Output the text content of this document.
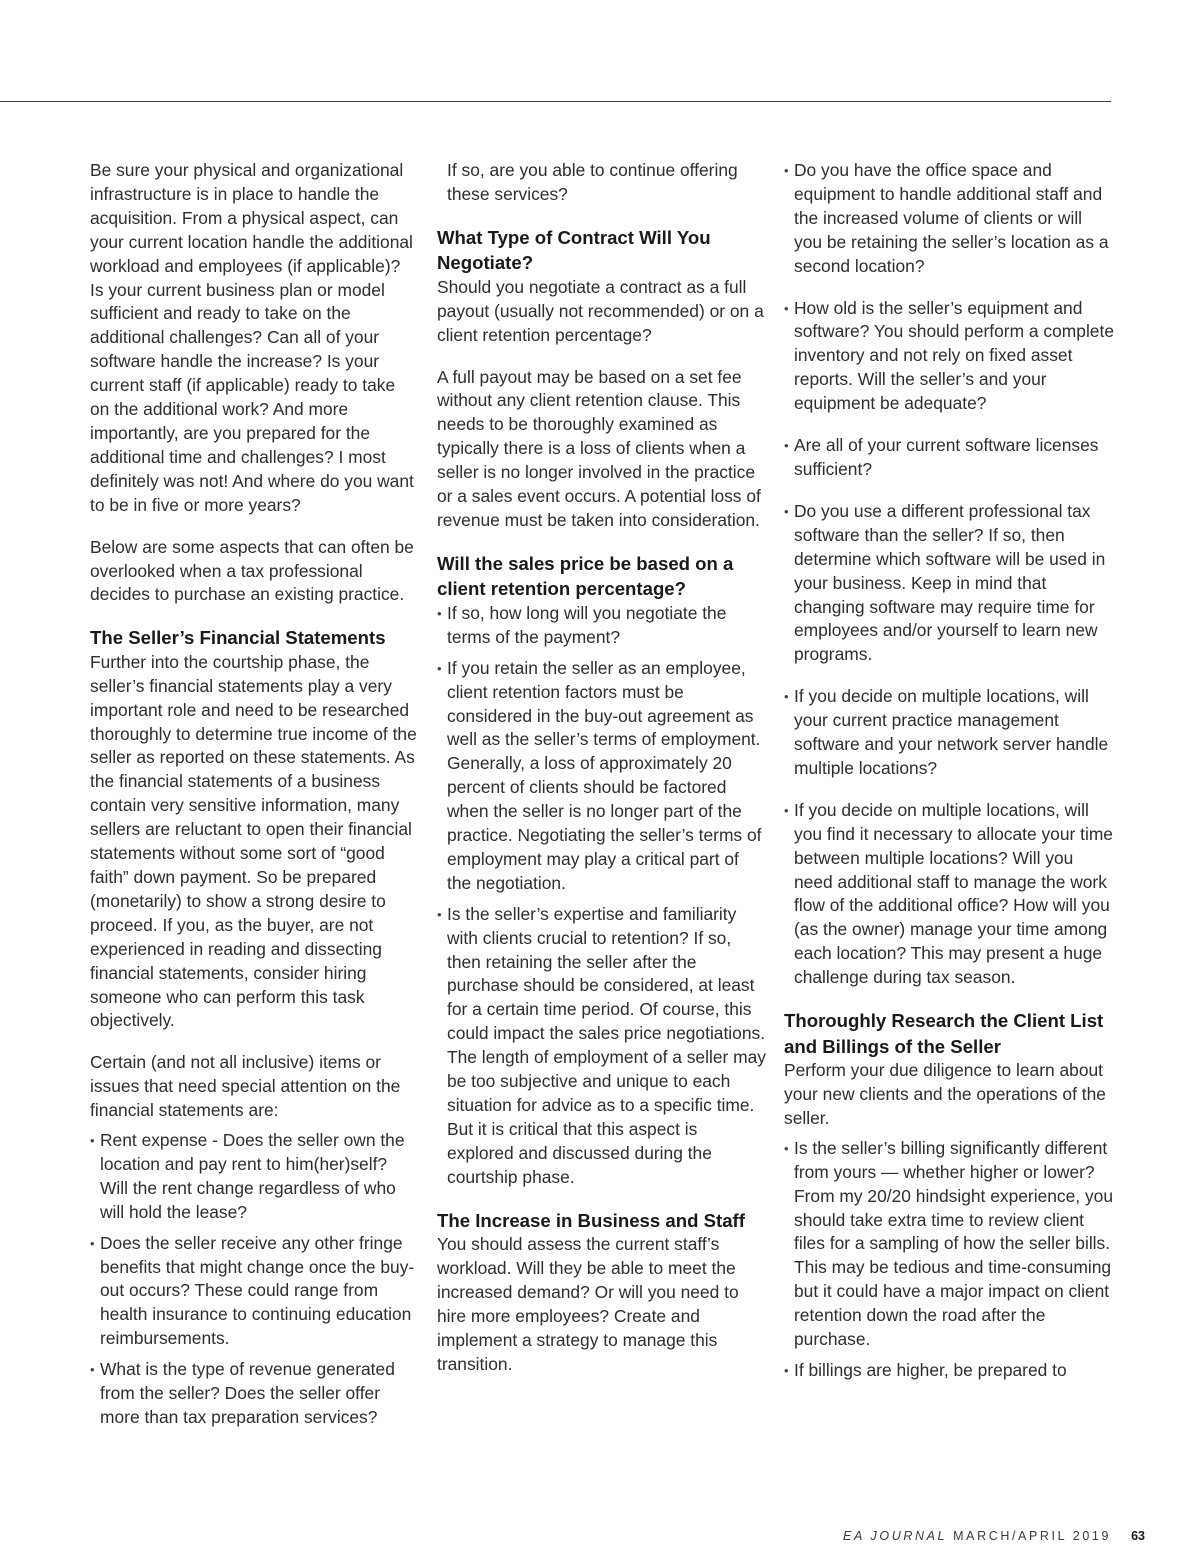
Be sure your physical and organizational infrastructure is in place to handle the acquisition. From a physical aspect, can your current location handle the additional workload and employees (if applicable)? Is your current business plan or model sufficient and ready to take on the additional challenges? Can all of your software handle the increase? Is your current staff (if applicable) ready to take on the additional work? And more importantly, are you prepared for the additional time and challenges? I most definitely was not! And where do you want to be in five or more years?

Below are some aspects that can often be overlooked when a tax professional decides to purchase an existing practice.

The Seller’s Financial Statements

Further into the courtship phase, the seller’s financial statements play a very important role and need to be researched thoroughly to determine true income of the seller as reported on these statements. As the financial statements of a business contain very sensitive information, many sellers are reluctant to open their financial statements without some sort of “good faith” down payment. So be prepared (monetarily) to show a strong desire to proceed. If you, as the buyer, are not experienced in reading and dissecting financial statements, consider hiring someone who can perform this task objectively.

Certain (and not all inclusive) items or issues that need special attention on the financial statements are:

• Rent expense - Does the seller own the location and pay rent to him(her)self? Will the rent change regardless of who will hold the lease?
• Does the seller receive any other fringe benefits that might change once the buy-out occurs? These could range from health insurance to continuing education reimbursements.
• What is the type of revenue generated from the seller? Does the seller offer more than tax preparation services?

If so, are you able to continue offering these services?

What Type of Contract Will You Negotiate?

Should you negotiate a contract as a full payout (usually not recommended) or on a client retention percentage?

A full payout may be based on a set fee without any client retention clause. This needs to be thoroughly examined as typically there is a loss of clients when a seller is no longer involved in the practice or a sales event occurs. A potential loss of revenue must be taken into consideration.

Will the sales price be based on a client retention percentage?
• If so, how long will you negotiate the terms of the payment?
• If you retain the seller as an employee, client retention factors must be considered in the buy-out agreement as well as the seller’s terms of employment. Generally, a loss of approximately 20 percent of clients should be factored when the seller is no longer part of the practice. Negotiating the seller’s terms of employment may play a critical part of the negotiation.
• Is the seller’s expertise and familiarity with clients crucial to retention? If so, then retaining the seller after the purchase should be considered, at least for a certain time period. Of course, this could impact the sales price negotiations. The length of employment of a seller may be too subjective and unique to each situation for advice as to a specific time. But it is critical that this aspect is explored and discussed during the courtship phase.
The Increase in Business and Staff

You should assess the current staff’s workload. Will they be able to meet the increased demand? Or will you need to hire more employees? Create and implement a strategy to manage this transition.

• Do you have the office space and equipment to handle additional staff and the increased volume of clients or will you be retaining the seller’s location as a second location?
• How old is the seller’s equipment and software? You should perform a complete inventory and not rely on fixed asset reports. Will the seller’s and your equipment be adequate?
• Are all of your current software licenses sufficient?
• Do you use a different professional tax software than the seller? If so, then determine which software will be used in your business. Keep in mind that changing software may require time for employees and/or yourself to learn new programs.
• If you decide on multiple locations, will your current practice management software and your network server handle multiple locations?
• If you decide on multiple locations, will you find it necessary to allocate your time between multiple locations? Will you need additional staff to manage the work flow of the additional office? How will you (as the owner) manage your time among each location? This may present a huge challenge during tax season.
Thoroughly Research the Client List and Billings of the Seller

Perform your due diligence to learn about your new clients and the operations of the seller.

• Is the seller’s billing significantly different from yours — whether higher or lower? From my 20/20 hindsight experience, you should take extra time to review client files for a sampling of how the seller bills. This may be tedious and time-consuming but it could have a major impact on client retention down the road after the purchase.
• If billings are higher, be prepared to
EA JOURNAL MARCH/APRIL 2019 63
